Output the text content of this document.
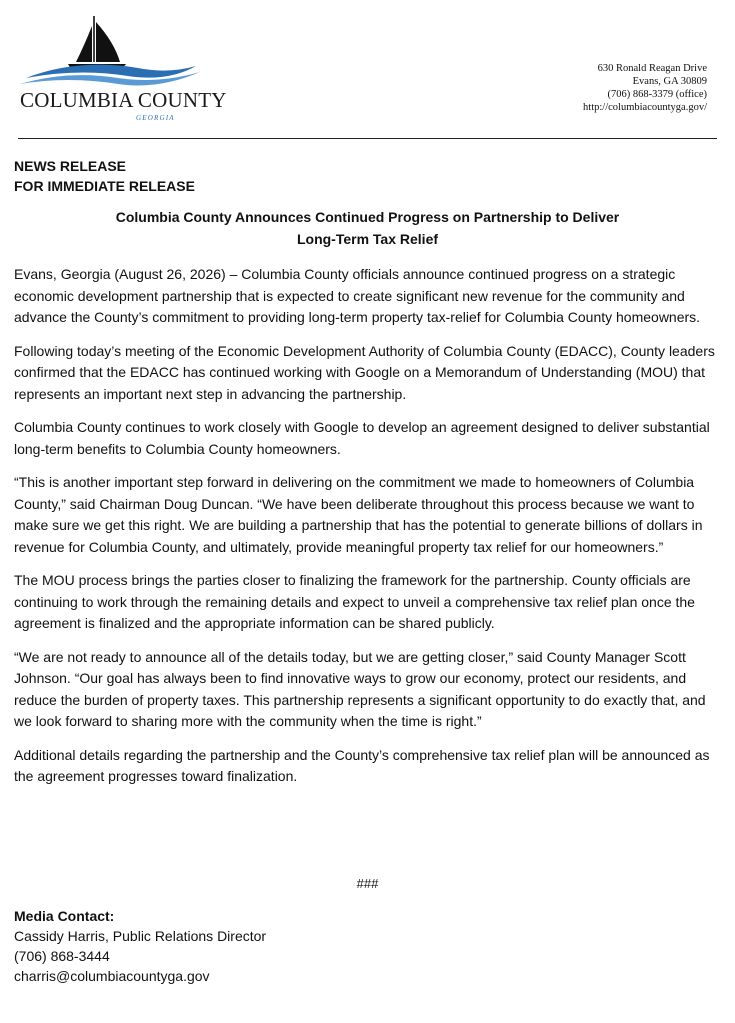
COLUMBIA COUNTY
GEORGIA
630 Ronald Reagan Drive
Evans, GA 30809
(706) 868-3379 (office)
http://columbiacountyga.gov/
NEWS RELEASE
FOR IMMEDIATE RELEASE
Columbia County Announces Continued Progress on Partnership to Deliver
Long-Term Tax Relief

Evans, Georgia (August 26, 2026) – Columbia County officials announce continued progress on a strategic economic development partnership that is expected to create significant new revenue for the community and advance the County’s commitment to providing long-term property tax-relief for Columbia County homeowners.

Following today’s meeting of the Economic Development Authority of Columbia County (EDACC), County leaders confirmed that the EDACC has continued working with Google on a Memorandum of Understanding (MOU) that represents an important next step in advancing the partnership.

Columbia County continues to work closely with Google to develop an agreement designed to deliver substantial long-term benefits to Columbia County homeowners.

“This is another important step forward in delivering on the commitment we made to homeowners of Columbia County,” said Chairman Doug Duncan. “We have been deliberate throughout this process because we want to make sure we get this right. We are building a partnership that has the potential to generate billions of dollars in revenue for Columbia County, and ultimately, provide meaningful property tax relief for our homeowners.”

The MOU process brings the parties closer to finalizing the framework for the partnership. County officials are continuing to work through the remaining details and expect to unveil a comprehensive tax relief plan once the agreement is finalized and the appropriate information can be shared publicly.

“We are not ready to announce all of the details today, but we are getting closer,” said County Manager Scott Johnson. “Our goal has always been to find innovative ways to grow our economy, protect our residents, and reduce the burden of property taxes. This partnership represents a significant opportunity to do exactly that, and we look forward to sharing more with the community when the time is right.”

Additional details regarding the partnership and the County’s comprehensive tax relief plan will be announced as the agreement progresses toward finalization.

###
Media Contact:
Cassidy Harris, Public Relations Director
(706) 868-3444
charris@columbiacountyga.gov
